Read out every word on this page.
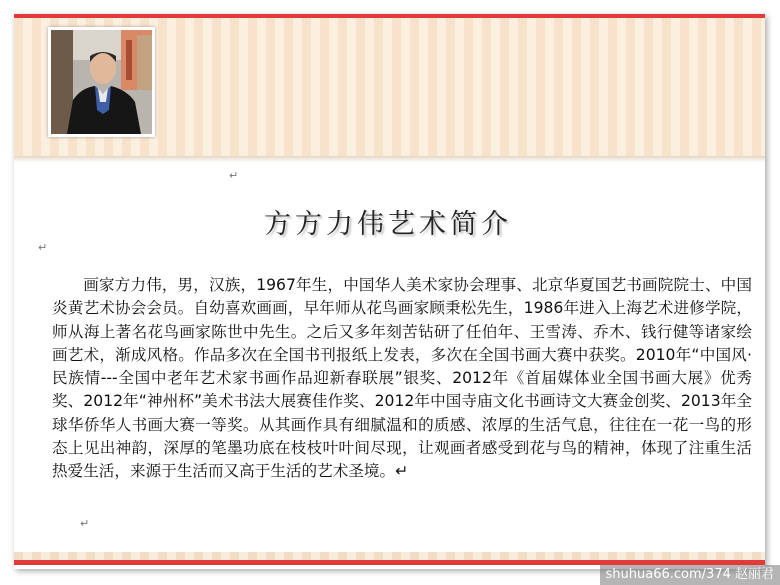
↵
方方力伟艺术简介
↵

画家方力伟，男，汉族，1967年生，中国华人美术家协会理事、北京华夏国艺书画院院士、中国炎黄艺术协会会员。自幼喜欢画画，早年师从花鸟画家顾秉松先生，1986年进入上海艺术进修学院，师从海上著名花鸟画家陈世中先生。之后又多年刻苦钻研了任伯年、王雪涛、乔木、钱行健等诸家绘画艺术，渐成风格。作品多次在全国书刊报纸上发表，多次在全国书画大赛中获奖。2010年“中国风·民族情---全国中老年艺术家书画作品迎新春联展”银奖、2012年《首届媒体业全国书画大展》优秀奖、2012年“神州杯”美术书法大展赛佳作奖、2012年中国寺庙文化书画诗文大赛金创奖、2013年全球华侨华人书画大赛一等奖。从其画作具有细腻温和的质感、浓厚的生活气息，往往在一花一鸟的形态上见出神韵，深厚的笔墨功底在枝枝叶叶间尽现，让观画者感受到花与鸟的精神，体现了注重生活热爱生活，来源于生活而又高于生活的艺术圣境。↵

↵
shuhua66.com/374 赵丽君
